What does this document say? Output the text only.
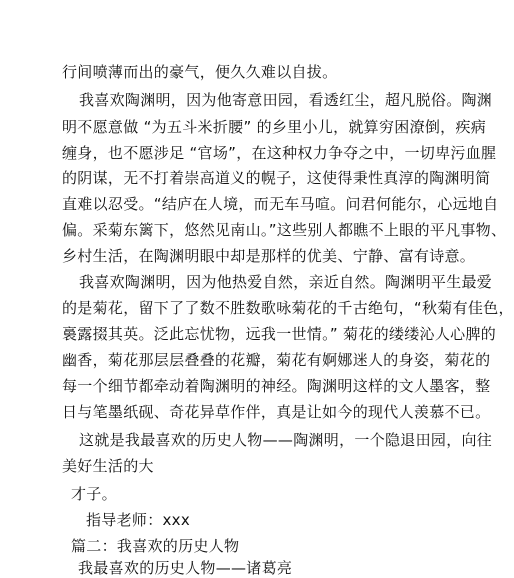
行间喷薄而出的豪气，便久久难以自拔。
我喜欢陶渊明，因为他寄意田园，看透红尘，超凡脱俗。陶渊
明不愿意做 “为五斗米折腰” 的乡里小儿，就算穷困潦倒，疾病
缠身，也不愿涉足 “官场”，在这种权力争夺之中，一切卑污血腥
的阴谋，无不打着崇高道义的幌子，这使得秉性真淳的陶渊明简
直难以忍受。“结庐在人境，而无车马喧。问君何能尔，心远地自
偏。采菊东篱下，悠然见南山。”这些别人都瞧不上眼的平凡事物、
乡村生活，在陶渊明眼中却是那样的优美、宁静、富有诗意。
我喜欢陶渊明，因为他热爱自然，亲近自然。陶渊明平生最爱
的是菊花，留下了了数不胜数歌咏菊花的千古绝句，“秋菊有佳色，
裛露掇其英。泛此忘忧物，远我一世情。” 菊花的缕缕沁人心脾的
幽香，菊花那层层叠叠的花瓣，菊花有婀娜迷人的身姿，菊花的
每一个细节都牵动着陶渊明的神经。陶渊明这样的文人墨客，整
日与笔墨纸砚、奇花异草作伴，真是让如今的现代人羡慕不已。
这就是我最喜欢的历史人物——陶渊明，一个隐退田园，向往
美好生活的大
才子。
指导老师：xxx
篇二：我喜欢的历史人物
我最喜欢的历史人物——诸葛亮
